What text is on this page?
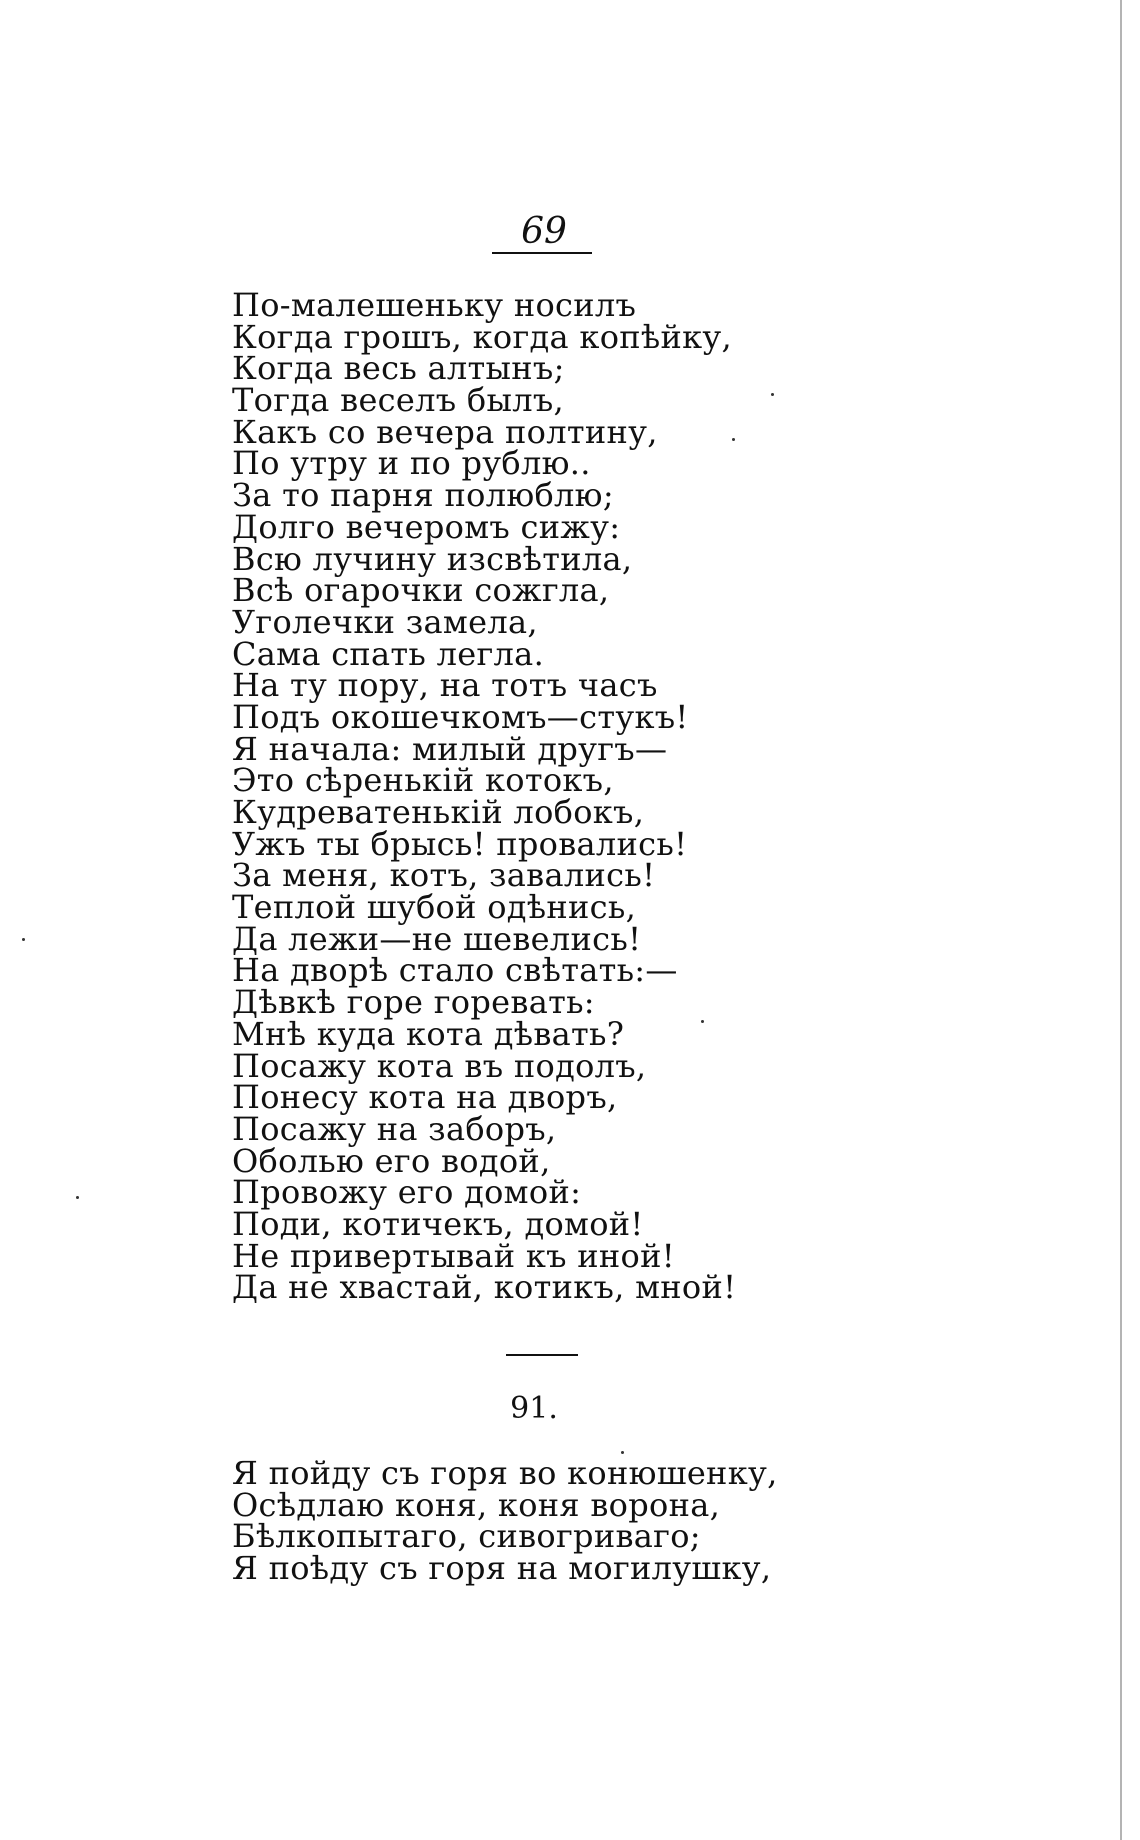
69
По-малешеньку носилъ
Когда грошъ, когда копѣйку,
Когда весь алтынъ;
Тогда веселъ былъ,
Какъ со вечера полтину,
По утру и по рублю..
За то парня полюблю;
Долго вечеромъ сижу:
Всю лучину изсвѣтила,
Всѣ огарочки сожгла,
Уголечки замела,
Сама спать легла.
На ту пору, на тотъ часъ
Подъ окошечкомъ—стукъ!
Я начала: милый другъ—
Это сѣренькій котокъ,
Кудреватенькій лобокъ,
Ужъ ты брысь! провались!
За меня, котъ, завались!
Теплой шубой одѣнись,
Да лежи—не шевелись!
На дворѣ стало свѣтать:—
Дѣвкѣ горе горевать:
Мнѣ куда кота дѣвать?
Посажу кота въ подолъ,
Понесу кота на дворъ,
Посажу на заборъ,
Оболью его водой,
Провожу его домой:
Поди, котичекъ, домой!
Не привертывай къ иной!
Да не хвастай, котикъ, мной!
91.
Я пойду съ горя во конюшенку,
Осѣдлаю коня, коня ворона,
Бѣлкопытаго, сивогриваго;
Я поѣду съ горя на могилушку,
